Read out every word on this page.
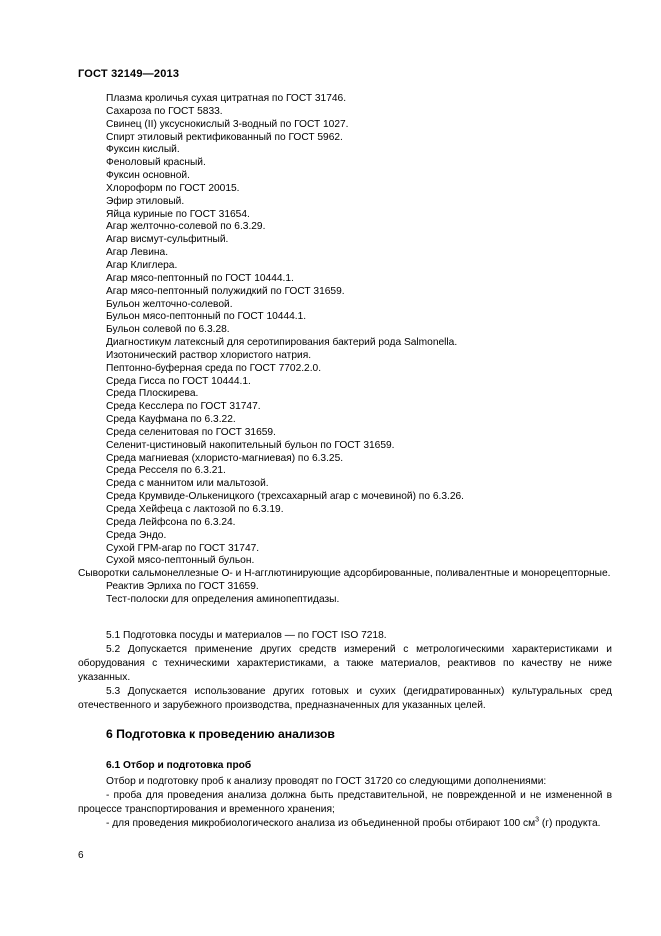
ГОСТ 32149—2013
Плазма кроличья сухая цитратная по ГОСТ 31746.
Сахароза по ГОСТ 5833.
Свинец (II) уксуснокислый 3-водный по ГОСТ 1027.
Спирт этиловый ректификованный по ГОСТ 5962.
Фуксин кислый.
Феноловый красный.
Фуксин основной.
Хлороформ по ГОСТ 20015.
Эфир этиловый.
Яйца куриные по ГОСТ 31654.
Агар желточно-солевой по 6.3.29.
Агар висмут-сульфитный.
Агар Левина.
Агар Клиглера.
Агар мясо-пептонный по ГОСТ 10444.1.
Агар мясо-пептонный полужидкий по ГОСТ 31659.
Бульон желточно-солевой.
Бульон мясо-пептонный по ГОСТ 10444.1.
Бульон солевой по 6.3.28.
Диагностикум латексный для серотипирования бактерий рода Salmonella.
Изотонический раствор хлористого натрия.
Пептонно-буферная среда по ГОСТ 7702.2.0.
Среда Гисса по ГОСТ 10444.1.
Среда Плоскирева.
Среда Кесслера по ГОСТ 31747.
Среда Кауфмана по 6.3.22.
Среда селенитовая по ГОСТ 31659.
Селенит-цистиновый накопительный бульон по ГОСТ 31659.
Среда магниевая (хлористо-магниевая) по 6.3.25.
Среда Ресселя по 6.3.21.
Среда с маннитом или мальтозой.
Среда Крумвиде-Олькеницкого (трехсахарный агар с мочевиной) по 6.3.26.
Среда Хейфеца с лактозой по 6.3.19.
Среда Лейфсона по 6.3.24.
Среда Эндо.
Сухой ГРМ-агар по ГОСТ 31747.
Сухой мясо-пептонный бульон.
Сыворотки сальмонеллезные О- и Н-агглютинирующие адсорбированные, поливалентные и монорецепторные.
Реактив Эрлиха по ГОСТ 31659.
Тест-полоски для определения аминопептидазы.
5.1 Подготовка посуды и материалов — по ГОСТ ISO 7218.
5.2 Допускается применение других средств измерений с метрологическими характеристиками и оборудования с техническими характеристиками, а также материалов, реактивов по качеству не ниже указанных.
5.3 Допускается использование других готовых и сухих (дегидратированных) культуральных сред отечественного и зарубежного производства, предназначенных для указанных целей.
6 Подготовка к проведению анализов
6.1 Отбор и подготовка проб
Отбор и подготовку проб к анализу проводят по ГОСТ 31720 со следующими дополнениями:
- проба для проведения анализа должна быть представительной, не поврежденной и не измененной в процессе транспортирования и временного хранения;
- для проведения микробиологического анализа из объединенной пробы отбирают 100 $см^3$ (г) продукта.
6
